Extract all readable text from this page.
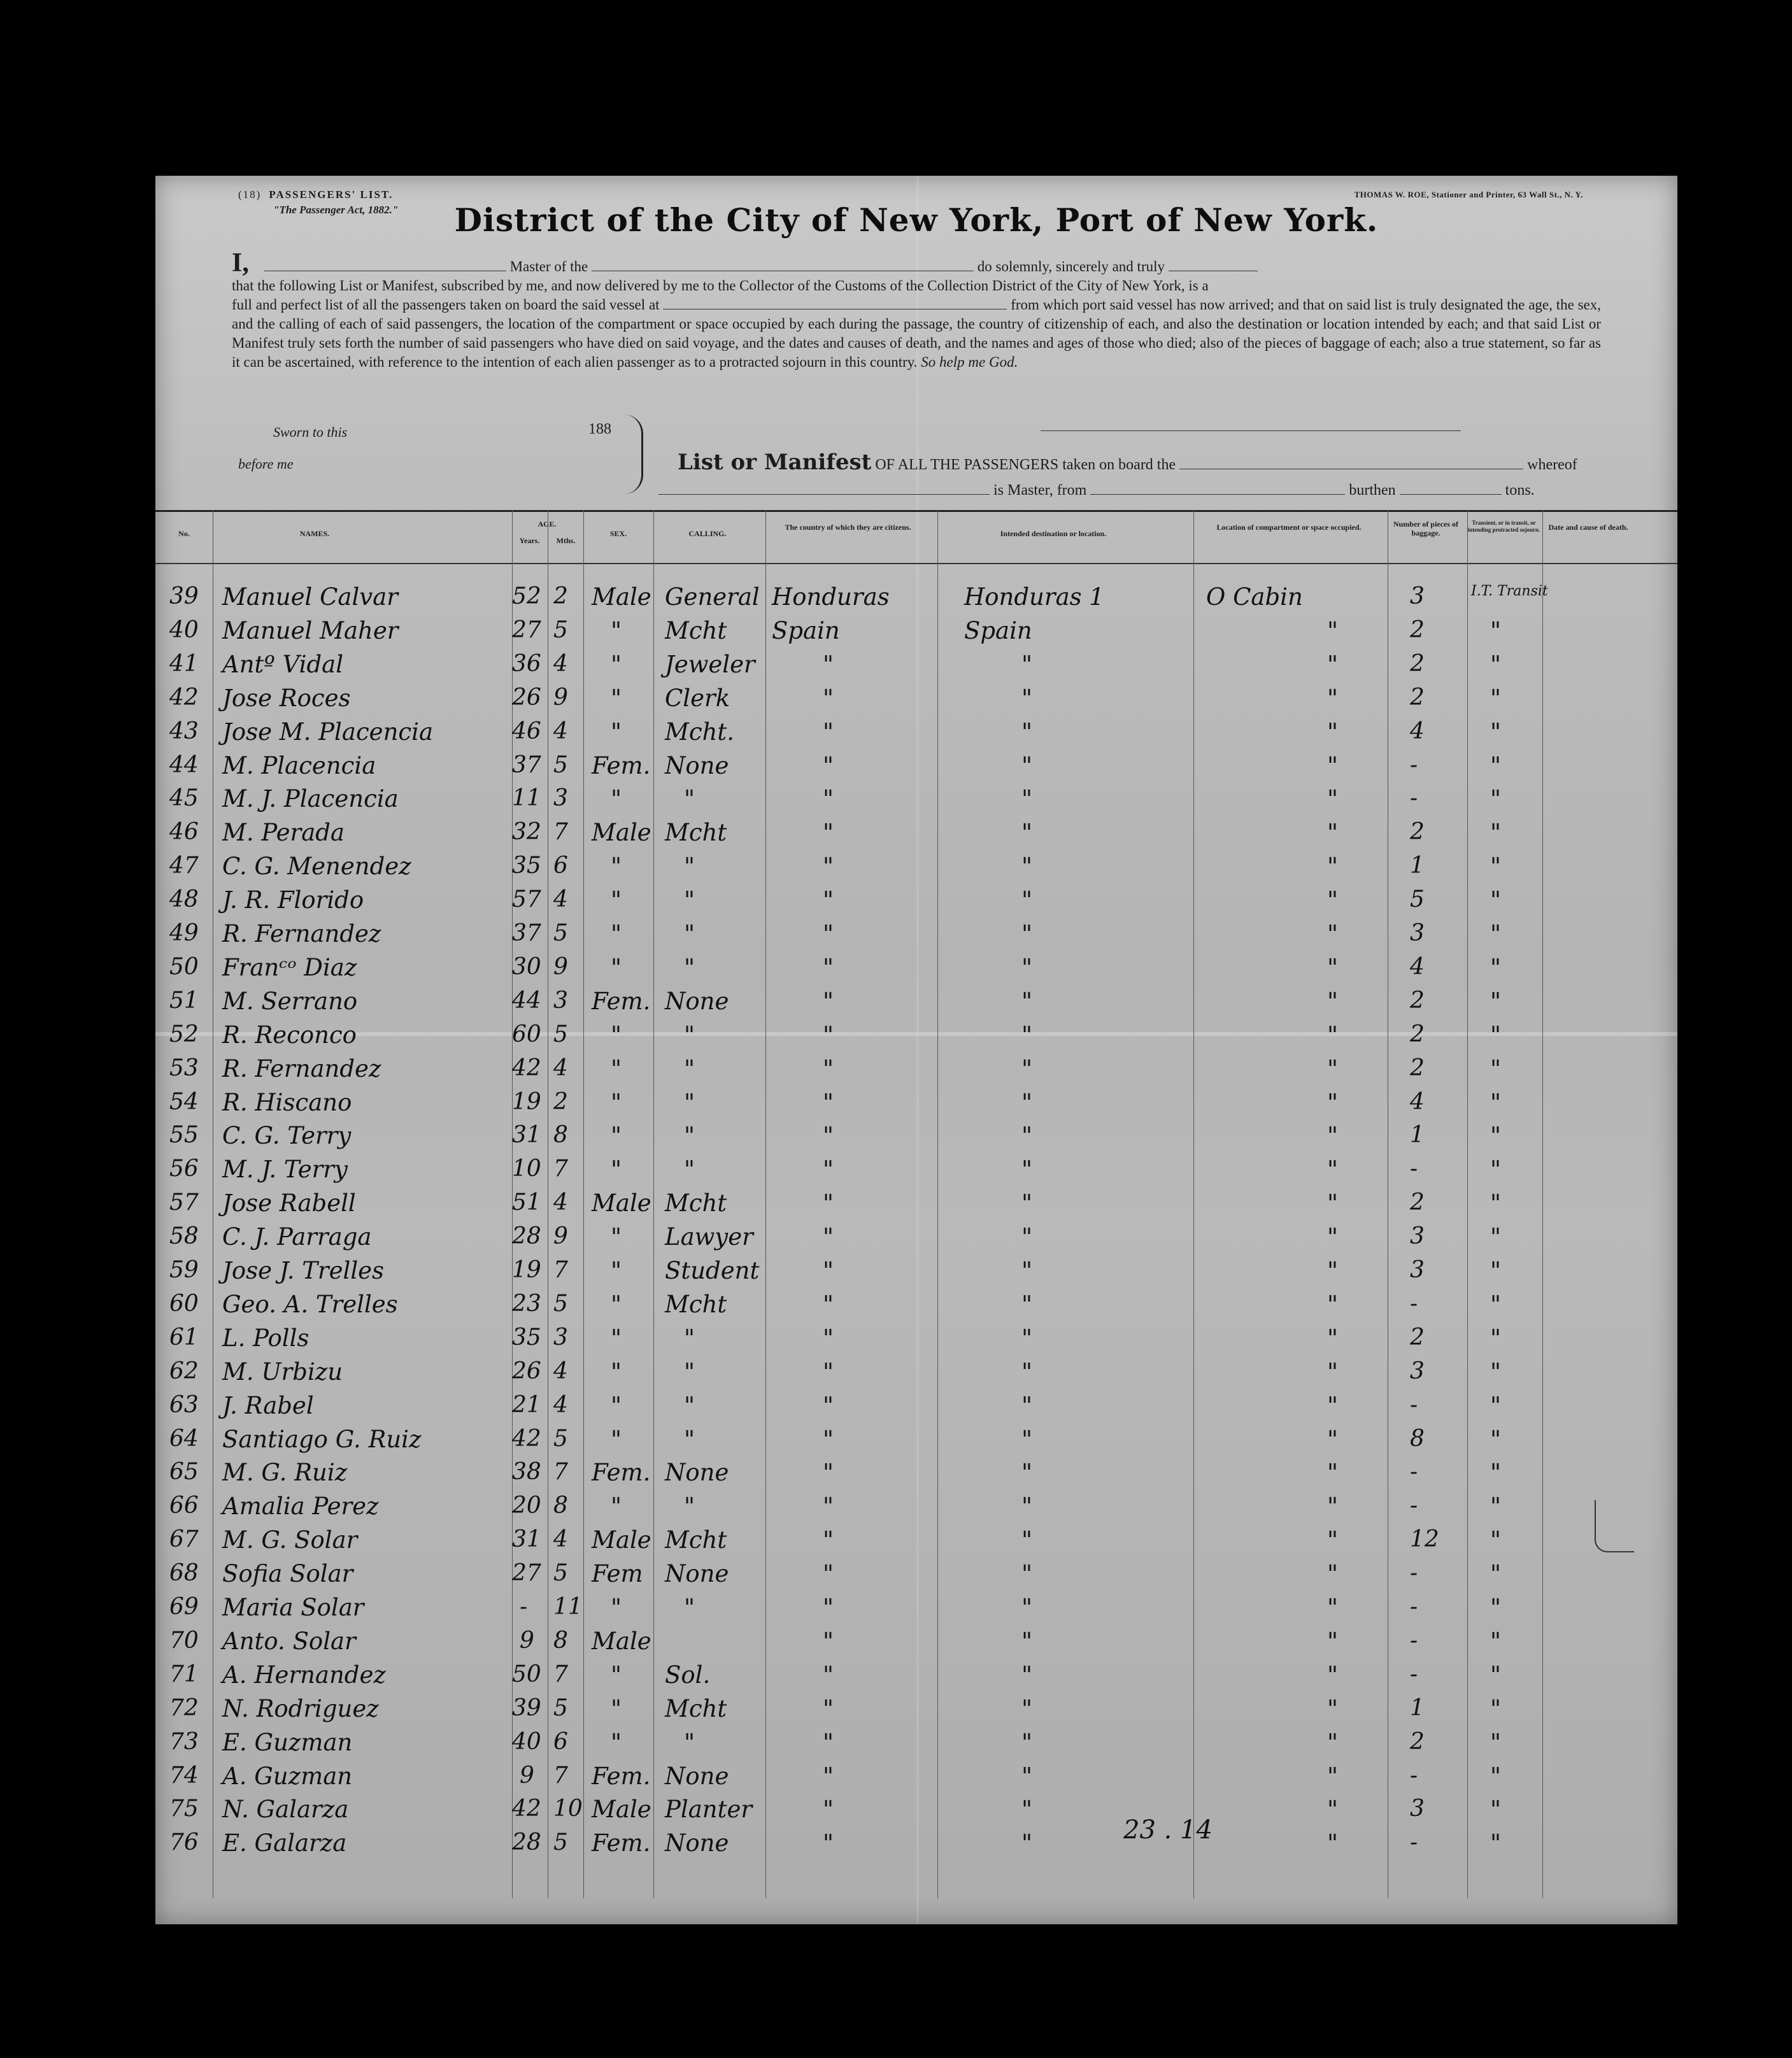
(18) PASSENGERS' LIST.
"The Passenger Act, 1882."
THOMAS W. ROE, Stationer and Printer, 63 Wall St., N. Y.
District of the City of New York, Port of New York.
I,	Master of the	do solemnly, sincerely and truly
that the following List or Manifest, subscribed by me, and now delivered by me to the Collector of the Customs of the Collection District of the City of New York, is a
full and perfect list of all the passengers taken on board the said vessel at	from which port said vessel has now arrived; and that on said list is truly designated the age, the sex, and the calling of each of said passengers, the location of the compartment or space occupied by each during the passage, the country of citizenship of each, and also the destination or location intended by each; and that said List or Manifest truly sets forth the number of said passengers who have died on said voyage, and the dates and causes of death, and the names and ages of those who died; also of the pieces of baggage of each; also a true statement, so far as it can be ascertained, with reference to the intention of each alien passenger as to a protracted sojourn in this country. So help me God.
Sworn to this	188
before me	List or Manifest OF ALL THE PASSENGERS taken on board the	whereof
is Master, from	burthen	tons.
No.	NAMES.
AGE.
Years.	Mths.
SEX.	CALLING.
The country of which they are citizens.
Intended destination or location.
Location of compartment or space occupied.	Number of pieces of baggage.
Transient, or in transit, or intending protracted sojourn.	Date and cause of death.
39 Manuel Calvar	52 2 Male General Honduras	Honduras 1	O Cabin	3	I.T. Transit
40 Manuel Maher	27 5 " Mcht Spain	Spain	"	2	"
41 Antº Vidal	36 4 " Jeweler	"	"	"	2	"
42 Jose Roces	26 9 " Clerk	"	"	"	2	"
43 Jose M. Placencia	46 4 " Mcht.	"	"	"	4	"
44 M. Placencia	37 5 Fem. None	"	"	"	-	"
45 M. J. Placencia	11 3 "	"	"	"	"	-	"
46 M. Perada	32 7 Male Mcht	"	"	"	2	"
47 C. G. Menendez	35 6 "	"	"	"	"	1	"
48 J. R. Florido	57 4 "	"	"	"	"	5	"
49 R. Fernandez	37 5 "	"	"	"	"	3	"
50 Franᶜᵒ Diaz	30 9 "	"	"	"	"	4	"
51 M. Serrano	44 3 Fem. None	"	"	"	2	"
52 R. Reconco	60 5 "	"	"	"	"	2	"
53 R. Fernandez	42 4 "	"	"	"	"	2	"
54 R. Hiscano	19 2 "	"	"	"	"	4	"
55 C. G. Terry	31 8 "	"	"	"	"	1	"
56 M. J. Terry	10 7 "	"	"	"	"	-	"
57 Jose Rabell	51 4 Male Mcht	"	"	"	2	"
58 C. J. Parraga	28 9 " Lawyer	"	"	"	3	"
59 Jose J. Trelles	19 7 " Student	"	"	"	3	"
60 Geo. A. Trelles	23 5 " Mcht	"	"	"	-	"
61 L. Polls	35 3 "	"	"	"	"	2	"
62 M. Urbizu	26 4 "	"	"	"	"	3	"
63 J. Rabel	21 4 "	"	"	"	"	-	"
64 Santiago G. Ruiz	42 5 "	"	"	"	"	8	"
65 M. G. Ruiz	38 7 Fem. None	"	"	"	-	"
66 Amalia Perez	20 8 "	"	"	"	"	-	"
67 M. G. Solar	31 4 Male Mcht	"	"	"	12 "
68 Sofia Solar	27 5 Fem None	"	"	"	-	"
69 Maria Solar	- 11 "	"	"	"	"	-	"
70 Anto. Solar	9 8 Male	"	"	"	-	"
71 A. Hernandez	50 7 " Sol.	"	"	"	-	"
72 N. Rodriguez	39 5 " Mcht	"	"	"	1	"
73 E. Guzman	40 6 "	"	"	"	"	2	"
74 A. Guzman	9 7 Fem. None	"	"	"	-	"
75 N. Galarza	42 10 Male Planter	"	"	"	3	"
76 E. Galarza	28 5 Fem. None	"	"	"	-	"
23 . 14
